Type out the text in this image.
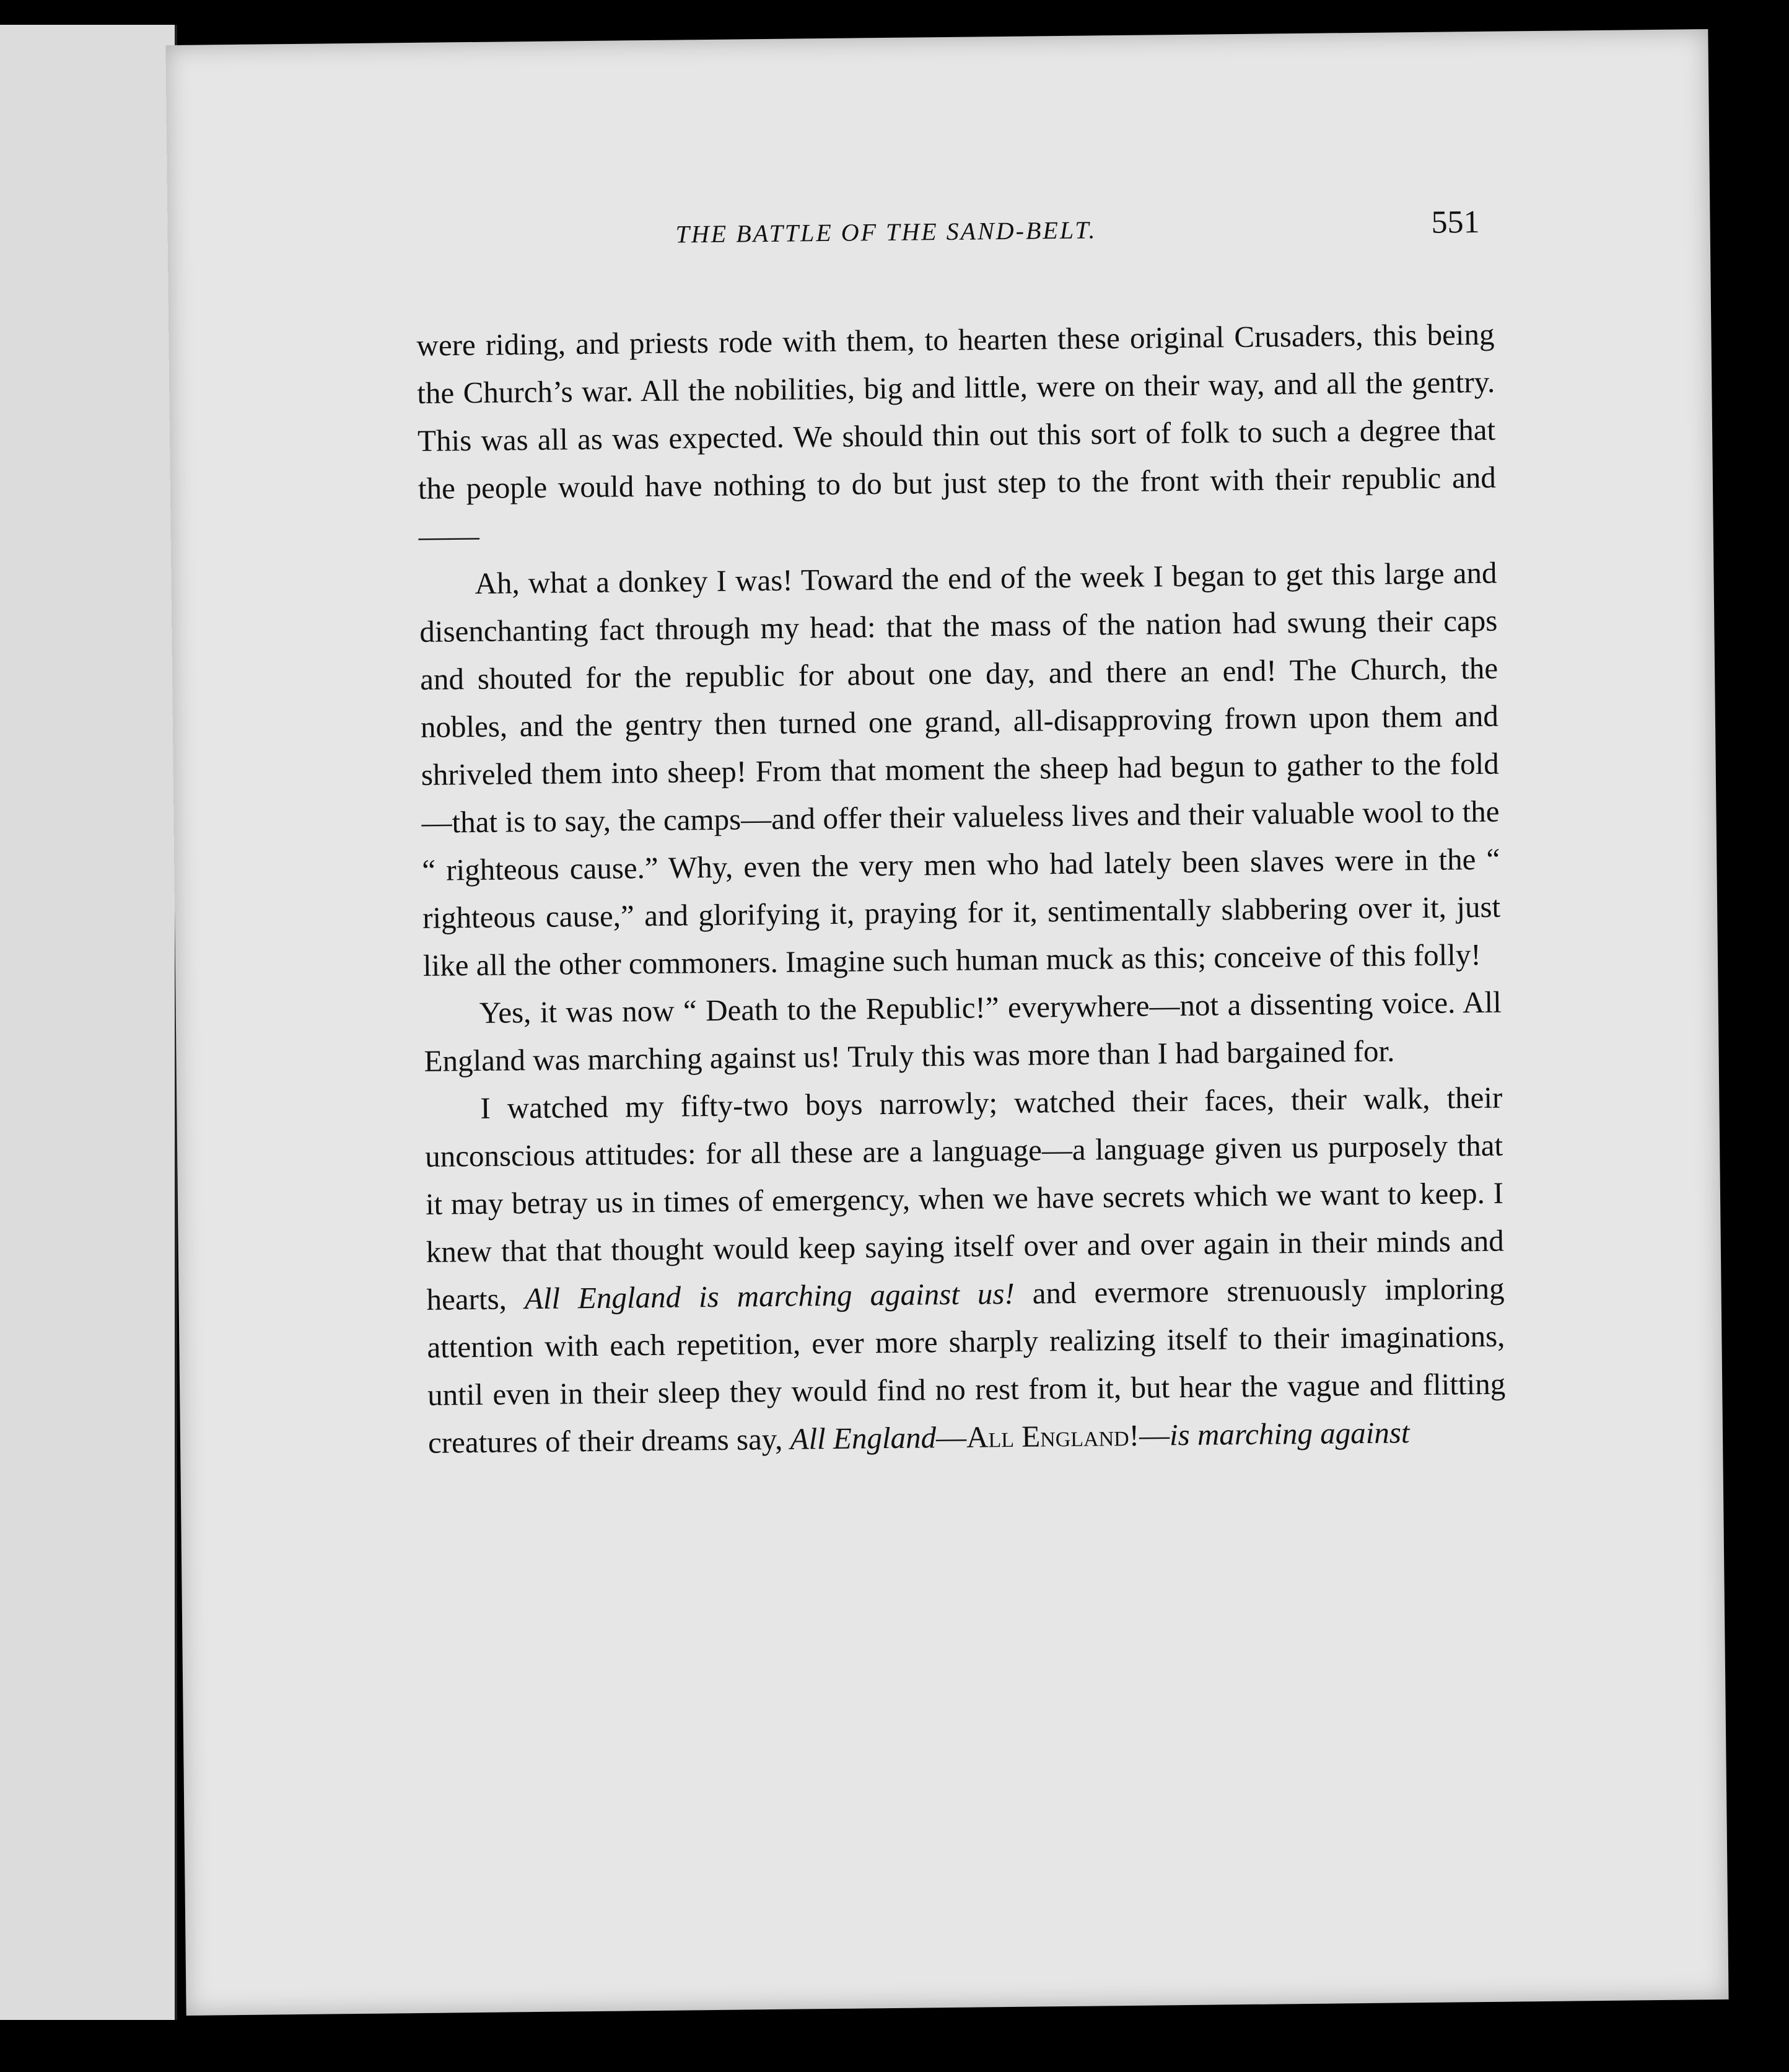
THE BATTLE OF THE SAND-BELT.	551

were riding, and priests rode with them, to hearten these original Crusaders, this being the Church’s war. All the nobilities, big and little, were on their way, and all the gentry. This was all as was expected. We should thin out this sort of folk to such a degree that the people would have nothing to do but just step to the front with their republic and——

Ah, what a donkey I was! Toward the end of the week I began to get this large and disenchanting fact through my head: that the mass of the nation had swung their caps and shouted for the republic for about one day, and there an end! The Church, the nobles, and the gentry then turned one grand, all-disapproving frown upon them and shriveled them into sheep! From that moment the sheep had begun to gather to the fold—that is to say, the camps—and offer their valueless lives and their valuable wool to the “ righteous cause.” Why, even the very men who had lately been slaves were in the “ righteous cause,” and glorifying it, praying for it, sentimentally slabbering over it, just like all the other commoners. Imagine such human muck as this; conceive of this folly!

Yes, it was now “ Death to the Republic!” everywhere—not a dissenting voice. All England was marching against us! Truly this was more than I had bargained for.

I watched my fifty-two boys narrowly; watched their faces, their walk, their unconscious attitudes: for all these are a language—a language given us purposely that it may betray us in times of emergency, when we have secrets which we want to keep. I knew that that thought would keep saying itself over and over again in their minds and hearts, All England is marching against us! and evermore strenuously imploring attention with each repetition, ever more sharply realizing itself to their imaginations, until even in their sleep they would find no rest from it, but hear the vague and flitting creatures of their dreams say, All England—All England!—is marching against
